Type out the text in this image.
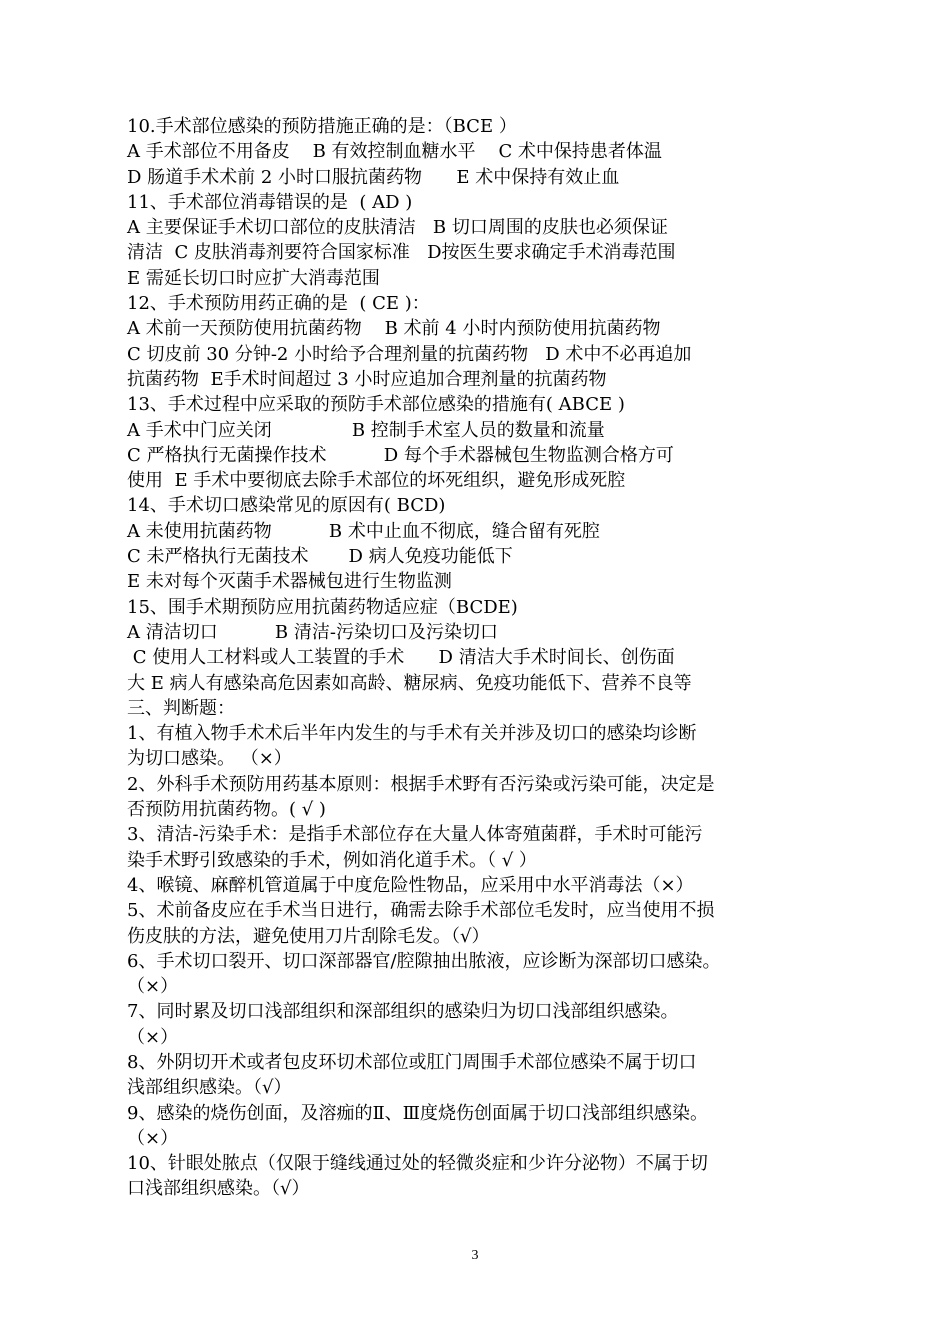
10.手术部位感染的预防措施正确的是：（BCE ）
A 手术部位不用备皮    B 有效控制血糖水平    C 术中保持患者体温
D 肠道手术术前 2 小时口服抗菌药物      E 术中保持有效止血
11、手术部位消毒错误的是  ( AD )
A 主要保证手术切口部位的皮肤清洁   B 切口周围的皮肤也必须保证
清洁  C 皮肤消毒剂要符合国家标准   D按医生要求确定手术消毒范围
E 需延长切口时应扩大消毒范围
12、手术预防用药正确的是  ( CE )：
A 术前一天预防使用抗菌药物    B 术前 4 小时内预防使用抗菌药物
C 切皮前 30 分钟-2 小时给予合理剂量的抗菌药物   D 术中不必再追加
抗菌药物  E手术时间超过 3 小时应追加合理剂量的抗菌药物
13、手术过程中应采取的预防手术部位感染的措施有( ABCE )
A 手术中门应关闭              B 控制手术室人员的数量和流量
C 严格执行无菌操作技术          D 每个手术器械包生物监测合格方可
使用  E 手术中要彻底去除手术部位的坏死组织，避免形成死腔
14、手术切口感染常见的原因有( BCD)
A 未使用抗菌药物          B 术中止血不彻底，缝合留有死腔
C 未严格执行无菌技术       D 病人免疫功能低下
E 未对每个灭菌手术器械包进行生物监测
15、围手术期预防应用抗菌药物适应症（BCDE)
A 清洁切口          B 清洁-污染切口及污染切口
C 使用人工材料或人工装置的手术      D 清洁大手术时间长、创伤面
大 E 病人有感染高危因素如高龄、糖尿病、免疫功能低下、营养不良等
三、判断题：
1、有植入物手术术后半年内发生的与手术有关并涉及切口的感染均诊断
为切口感染。 （×）
2、外科手术预防用药基本原则：根据手术野有否污染或污染可能，决定是
否预防用抗菌药物。( √ )
3、清洁-污染手术：是指手术部位存在大量人体寄殖菌群，手术时可能污
染手术野引致感染的手术，例如消化道手术。（ √ ）
4、喉镜、麻醉机管道属于中度危险性物品，应采用中水平消毒法（×）
5、术前备皮应在手术当日进行，确需去除手术部位毛发时，应当使用不损
伤皮肤的方法，避免使用刀片刮除毛发。（√）
6、手术切口裂开、切口深部器官/腔隙抽出脓液，应诊断为深部切口感染。
（×）
7、同时累及切口浅部组织和深部组织的感染归为切口浅部组织感染。
（×）
8、外阴切开术或者包皮环切术部位或肛门周围手术部位感染不属于切口
浅部组织感染。（√）
9、感染的烧伤创面，及溶痂的Ⅱ、Ⅲ度烧伤创面属于切口浅部组织感染。
（×）
10、针眼处脓点（仅限于缝线通过处的轻微炎症和少许分泌物）不属于切
口浅部组织感染。（√）
3
